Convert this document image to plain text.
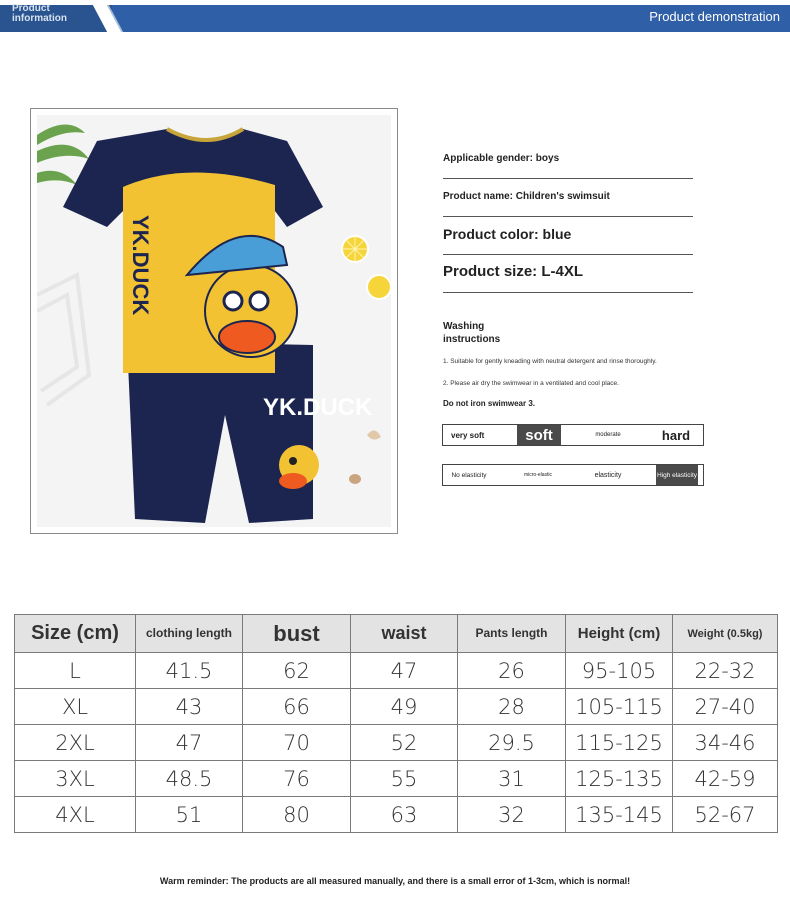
Product information	Product demonstration
YK.DUCK
YK.DUCK
Applicable gender: boys
Product name: Children's swimsuit
Product color: blue
Product size: L-4XL
Washing instructions
1. Suitable for gently kneading with neutral detergent and rinse thoroughly.
2. Please air dry the swimwear in a ventilated and cool place.
Do not iron swimwear 3.
very soft	soft	moderate	hard
No elasticity	micro-elastic	elasticity	High elasticity
Size (cm)	clothing length	bust	waist	Pants length	Height (cm)	Weight (0.5kg)
L	41.5	62	47	26	95-105	22-32
XL	43	66	49	28	105-115	27-40
2XL	47	70	52	29.5	115-125	34-46
3XL	48.5	76	55	31	125-135	42-59
4XL	51	80	63	32	135-145	52-67
Warm reminder: The products are all measured manually, and there is a small error of 1-3cm, which is normal!
